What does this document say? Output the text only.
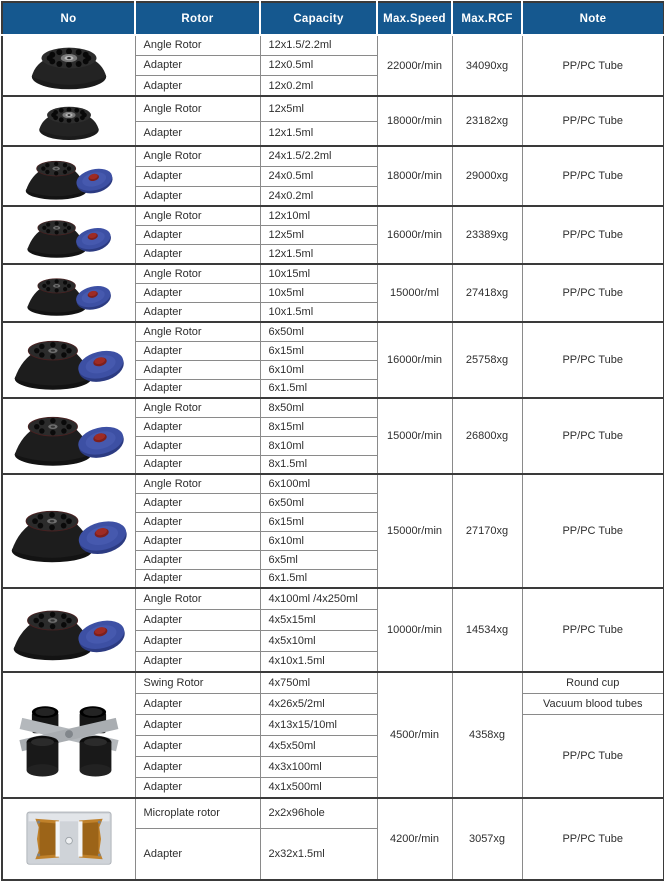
No	Rotor	Capacity	Max.Speed	Max.RCF	Note

	Angle Rotor	12x1.5/2.2ml	22000r/min	34090xg	PP/PC Tube
	Adapter	12x0.5ml			
	Adapter	12x0.2ml			

	Angle Rotor	12x5ml	18000r/min	23182xg	PP/PC Tube
	Adapter	12x1.5ml			

	Angle Rotor	24x1.5/2.2ml	18000r/min	29000xg	PP/PC Tube
	Adapter	24x0.5ml			
	Adapter	24x0.2ml			

	Angle Rotor	12x10ml	16000r/min	23389xg	PP/PC Tube
	Adapter	12x5ml			
	Adapter	12x1.5ml			

	Angle Rotor	10x15ml	15000r/ml	27418xg	PP/PC Tube
	Adapter	10x5ml			
	Adapter	10x1.5ml			

	Angle Rotor	6x50ml	16000r/min	25758xg	PP/PC Tube
	Adapter	6x15ml			
	Adapter	6x10ml			
	Adapter	6x1.5ml			

	Angle Rotor	8x50ml	15000r/min	26800xg	PP/PC Tube
	Adapter	8x15ml			
	Adapter	8x10ml			
	Adapter	8x1.5ml			

	Angle Rotor	6x100ml	15000r/min	27170xg	PP/PC Tube
	Adapter	6x50ml			
	Adapter	6x15ml			
	Adapter	6x10ml			
	Adapter	6x5ml			
	Adapter	6x1.5ml			

	Angle Rotor	4x100ml /4x250ml	10000r/min	14534xg	PP/PC Tube
	Adapter	4x5x15ml			
	Adapter	4x5x10ml			
	Adapter	4x10x1.5ml			

	Swing Rotor	4x750ml	4500r/min	4358xg	Round cup
	Adapter	4x26x5/2ml			Vacuum blood tubes
	Adapter	4x13x15/10ml			PP/PC Tube
	Adapter	4x5x50ml			
	Adapter	4x3x100ml			
	Adapter	4x1x500ml			

	Microplate rotor	2x2x96hole	4200r/min	3057xg	PP/PC Tube
	Adapter	2x32x1.5ml			
